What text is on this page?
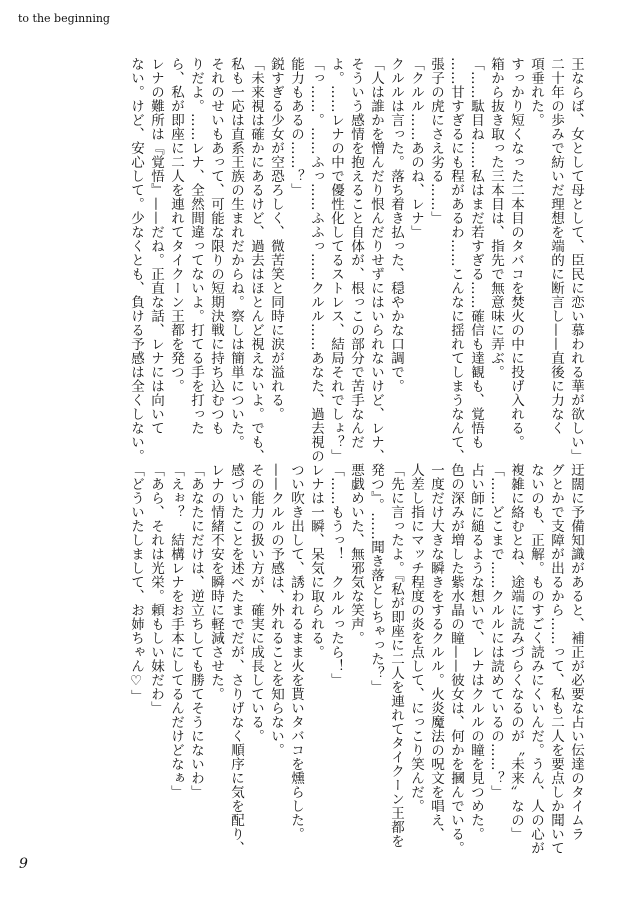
to the beginning
王ならば、女として母として、臣民に恋い慕われる華が欲しい」
二十年の歩みで紡いだ理想を端的に断言し——直後に力なく
項垂れた。
すっかり短くなった二本目のタバコを焚火の中に投げ入れる。
箱から抜き取った三本目は、指先で無意味に弄ぶ。
「……駄目ね……私はまだ若すぎる……確信も達観も、覚悟も
……甘すぎるにも程があるわ……こんなに揺れてしまうなんて、
張子の虎にさえ劣る……」
「クルル……あのね、レナ」
クルルは言った。落ち着き払った、穏やかな口調で。
「人は誰かを憎んだり恨んだりせずにはいられないけど、レナ、
そういう感情を抱えること自体が、根っこの部分で苦手なんだ
よ。……レナの中で優性化してるストレス、結局それでしょ？」
「っ……。……ふっ……ふふっ……クルル……あなた、過去視の
能力もあるの……？」
鋭すぎる少女が空恐ろしく、微苦笑と同時に涙が溢れる。
「未来視は確かにあるけど、過去はほとんど視えないよ。でも、
私も一応は直系王族の生まれだからね。察しは簡単についた。
それのせいもあって、可能な限りの短期決戦に持ち込むつも
りだよ。……レナ、全然間違ってないよ。打てる手を打った
ら、私が即座に二人を連れてタイクーン王都を発つ。
レナの難所は『覚悟』——だね。正直な話、レナには向いて
ない。けど、安心して。少なくとも、負ける予感は全くしない。
迂闊に予備知識があると、補正が必要な占い伝達のタイムラ
グとかで支障が出るから……って、私も二人を要点しか聞いて
ないのも、正解。ものすごく読みにくいんだ。うん、人の心が
複雑に絡むとね、途端に読みづらくなるのが〝未来〟なの」
「……どこまで……クルルには読めているの……？」
占い師に縋るような想いで、レナはクルルの瞳を見つめた。
色の深みが増した紫水晶の瞳——彼女は、何かを摑んでいる。
一度だけ大きな瞬きをするクルル。火炎魔法の呪文を唱え、
人差し指にマッチ程度の炎を点して、にっこり笑んだ。
「先に言ったよ。『私が即座に二人を連れてタイクーン王都を
発つ』。……聞き落としちゃった？」
悪戯めいた、無邪気な笑声。
「……もうっ！　クルルったら！」
レナは一瞬、呆気に取られる。
つい吹き出して、誘われるまま火を貰いタバコを燻らした。
——クルルの予感は、外れることを知らない。
その能力の扱い方が、確実に成長している。
感づいたことを述べたまでだが、さりげなく順序に気を配り、
レナの情緒不安を瞬時に軽減させた。
「あなたにだけは、逆立ちしても勝てそうにないわ」
「えぉ？　結構レナをお手本にしてるんだけどなぁ」
「あら、それは光栄。頼もしい妹だわ」
「どういたしまして、お姉ちゃん♡」
9
